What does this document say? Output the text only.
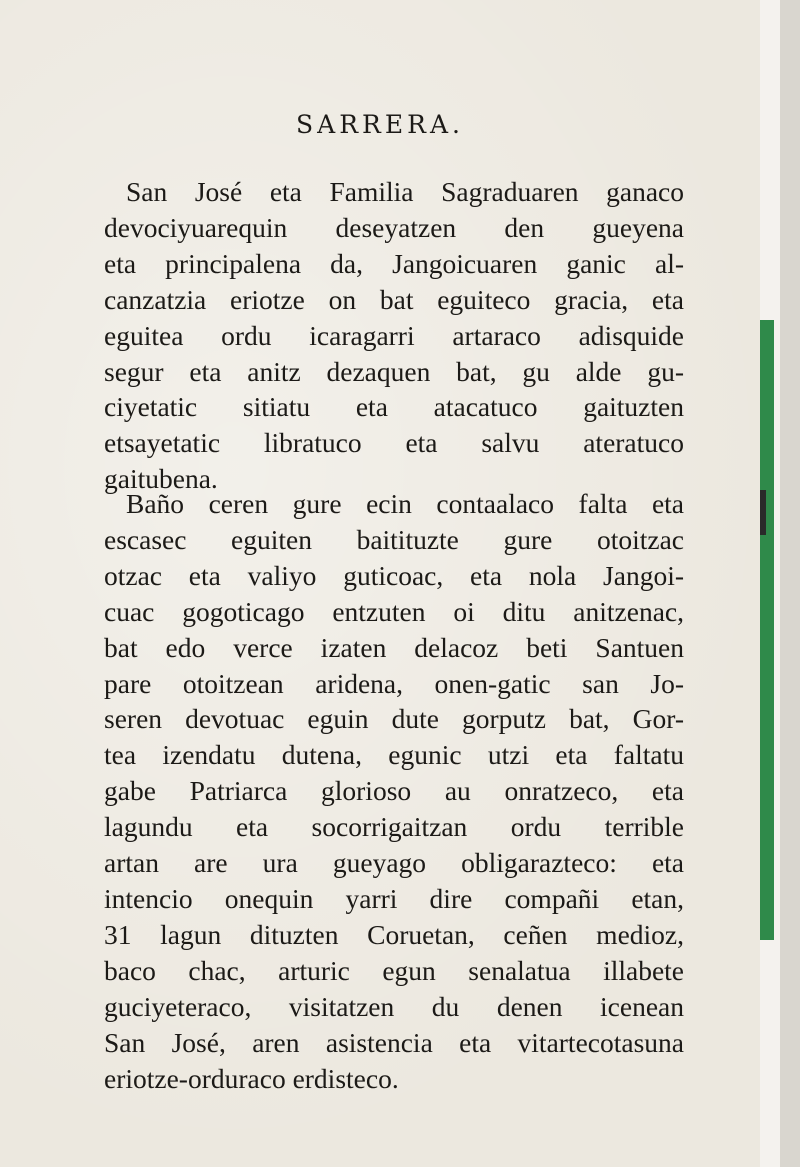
SARRERA.

San José eta Familia Sagraduaren ganaco
devociyuarequin deseyatzen den gueyena
eta principalena da, Jangoicuaren ganic al-
canzatzia eriotze on bat eguiteco gracia, eta
eguitea ordu icaragarri artaraco adisquide
segur eta anitz dezaquen bat, gu alde gu-
ciyetatic sitiatu eta atacatuco gaituzten
etsayetatic libratuco eta salvu ateratuco
gaitubena.

Baño ceren gure ecin contaalaco falta eta
escasec eguiten baitituzte gure otoitzac
otzac eta valiyo guticoac, eta nola Jangoi-
cuac gogoticago entzuten oi ditu anitzenac,
bat edo verce izaten delacoz beti Santuen
pare otoitzean aridena, onen-gatic san Jo-
seren devotuac eguin dute gorputz bat, Gor-
tea izendatu dutena, egunic utzi eta faltatu
gabe Patriarca glorioso au onratzeco, eta
lagundu eta socorrigaitzan ordu terrible
artan are ura gueyago obligarazteco: eta
intencio onequin yarri dire compañi etan,
31 lagun dituzten Coruetan, ceñen medioz,
baco chac, arturic egun senalatua illabete
guciyeteraco, visitatzen du denen icenean
San José, aren asistencia eta vitartecotasuna
eriotze-orduraco erdisteco.
